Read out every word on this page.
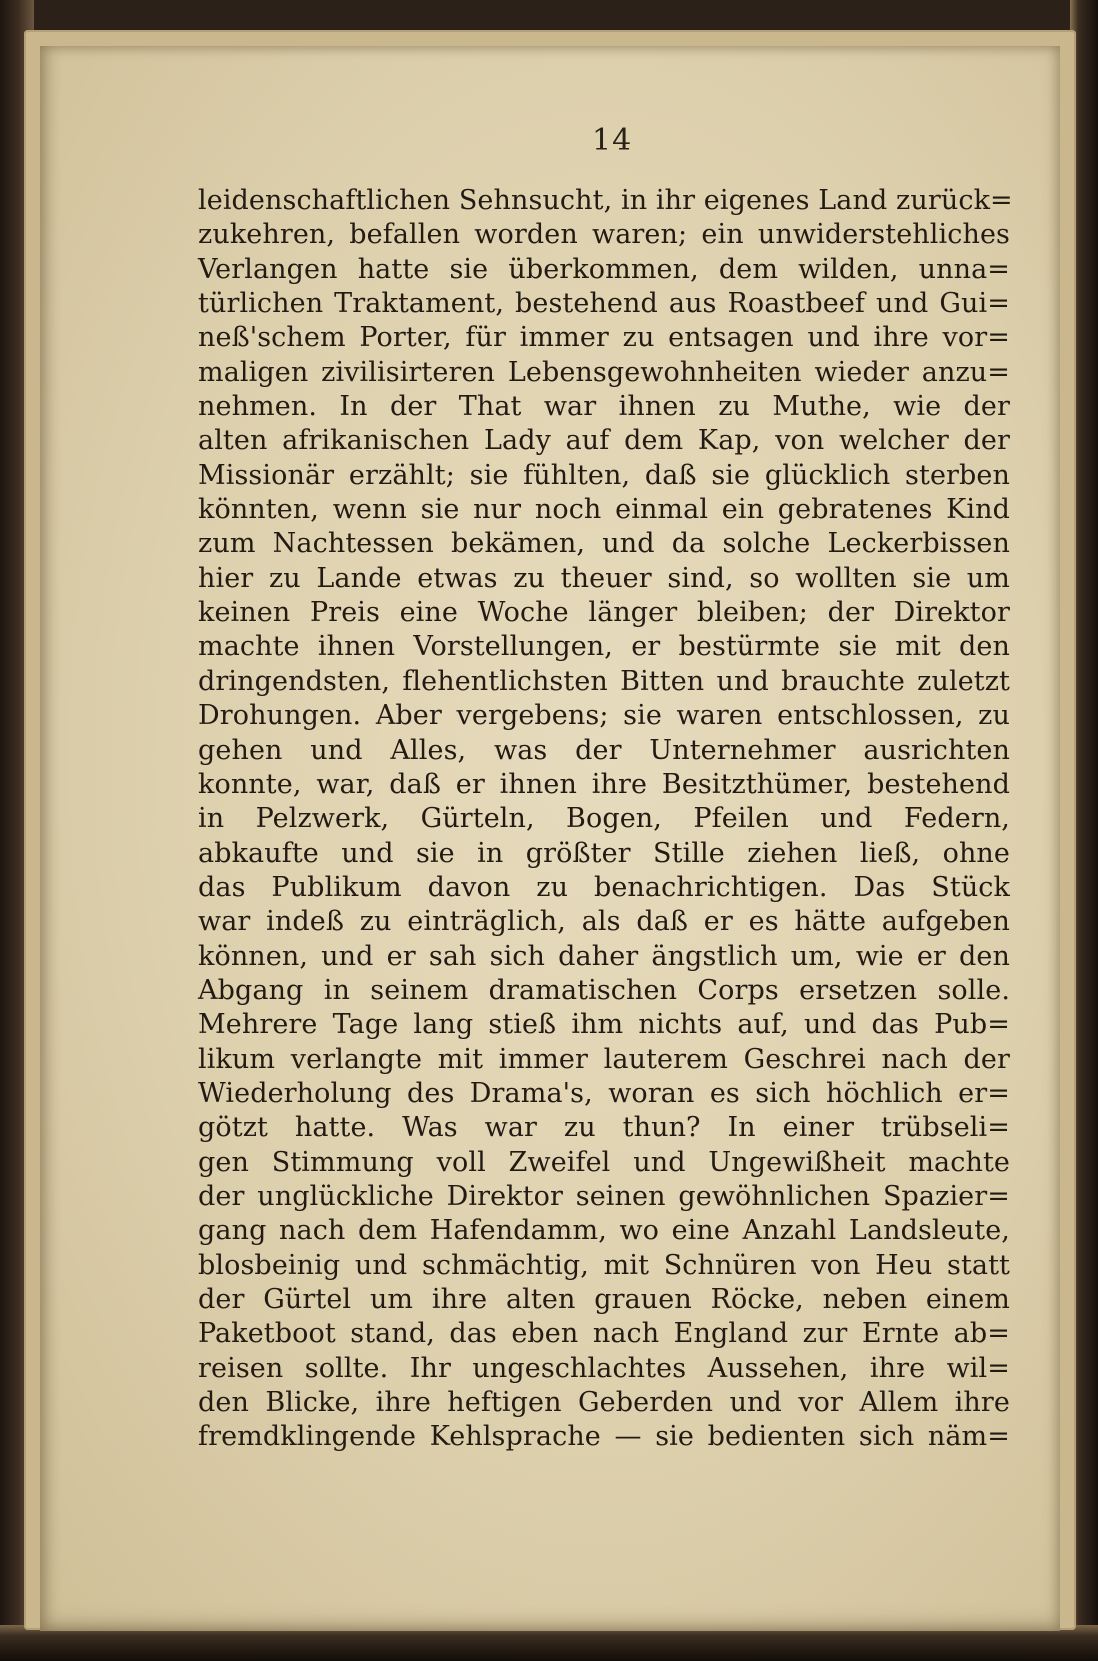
14
leidenschaftlichen Sehnsucht, in ihr eigenes Land zurück=
zukehren, befallen worden waren; ein unwiderstehliches
Verlangen hatte sie überkommen, dem wilden, unna=
türlichen Traktament, bestehend aus Roastbeef und Gui=
neß'schem Porter, für immer zu entsagen und ihre vor=
maligen zivilisirteren Lebensgewohnheiten wieder anzu=
nehmen. In der That war ihnen zu Muthe, wie der
alten afrikanischen Lady auf dem Kap, von welcher der
Missionär erzählt; sie fühlten, daß sie glücklich sterben
könnten, wenn sie nur noch einmal ein gebratenes Kind
zum Nachtessen bekämen, und da solche Leckerbissen
hier zu Lande etwas zu theuer sind, so wollten sie um
keinen Preis eine Woche länger bleiben; der Direktor
machte ihnen Vorstellungen, er bestürmte sie mit den
dringendsten, flehentlichsten Bitten und brauchte zuletzt
Drohungen. Aber vergebens; sie waren entschlossen, zu
gehen und Alles, was der Unternehmer ausrichten
konnte, war, daß er ihnen ihre Besitzthümer, bestehend
in Pelzwerk, Gürteln, Bogen, Pfeilen und Federn,
abkaufte und sie in größter Stille ziehen ließ, ohne
das Publikum davon zu benachrichtigen. Das Stück
war indeß zu einträglich, als daß er es hätte aufgeben
können, und er sah sich daher ängstlich um, wie er den
Abgang in seinem dramatischen Corps ersetzen solle.
Mehrere Tage lang stieß ihm nichts auf, und das Pub=
likum verlangte mit immer lauterem Geschrei nach der
Wiederholung des Drama's, woran es sich höchlich er=
götzt hatte. Was war zu thun? In einer trübseli=
gen Stimmung voll Zweifel und Ungewißheit machte
der unglückliche Direktor seinen gewöhnlichen Spazier=
gang nach dem Hafendamm, wo eine Anzahl Landsleute,
blosbeinig und schmächtig, mit Schnüren von Heu statt
der Gürtel um ihre alten grauen Röcke, neben einem
Paketboot stand, das eben nach England zur Ernte ab=
reisen sollte. Ihr ungeschlachtes Aussehen, ihre wil=
den Blicke, ihre heftigen Geberden und vor Allem ihre
fremdklingende Kehlsprache — sie bedienten sich näm=
